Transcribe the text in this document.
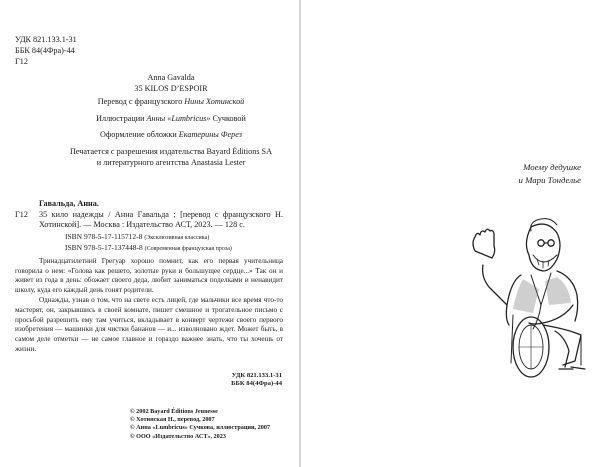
УДК 821.133.1-31
ББК 84(4Фра)-44
Г12
Anna Gavalda
35 KILOS D’ESPOIR
Перевод с французского Нины Хотинской
Иллюстрации Анны «Lumbricus» Сучковой
Оформление обложки Екатерины Ферез
Печатается с разрешения издательства Bayard Éditions SA
и литературного агентства Anastasia Lester
Гавальда, Анна.
Г12	35 кило надежды / Анна Гавальда ; [перевод с французского Н. Хотинской]. — Москва : Издательство АСТ, 2023. — 128 с.
ISBN 978-5-17-115712-8 (Эксклюзивная классика)
ISBN 978-5-17-137448-8 (Современная французская проза)

Тринадцатилетний Грегуар хорошо помнит, как его первая учительница говорила о нем: «Голова как решето, золотые руки и большущее сердце...» Так он и живет из года в день: обожает своего деда, любит заниматься поделками и ненавидит школу, куда его каждый день гонят родители.

Однажды, узнав о том, что на свете есть лицей, где мальчики все время что-то мастерят, он, закрывшись в своей комнате, пишет смешное и трогательное письмо с просьбой разрешить ему там учиться, вкладывает в конверт чертежи своего первого изобретения — машинки для чистки бананов — и... изволновано ждет. Может быть, в самом деле отметки — не самое главное и гораздо важнее знать, что ты хочешь от жизни.

УДК 821.133.1-31
ББК 84(4Фра)-44
© 2002 Bayard Éditions Jeunesse
© Хотинская Н., перевод, 2007
© Анна «Lumbricus» Сучкова, иллюстрации, 2007
© ООО «Издательство АСТ», 2023
Моему дедушке
и Мари Тонделье
